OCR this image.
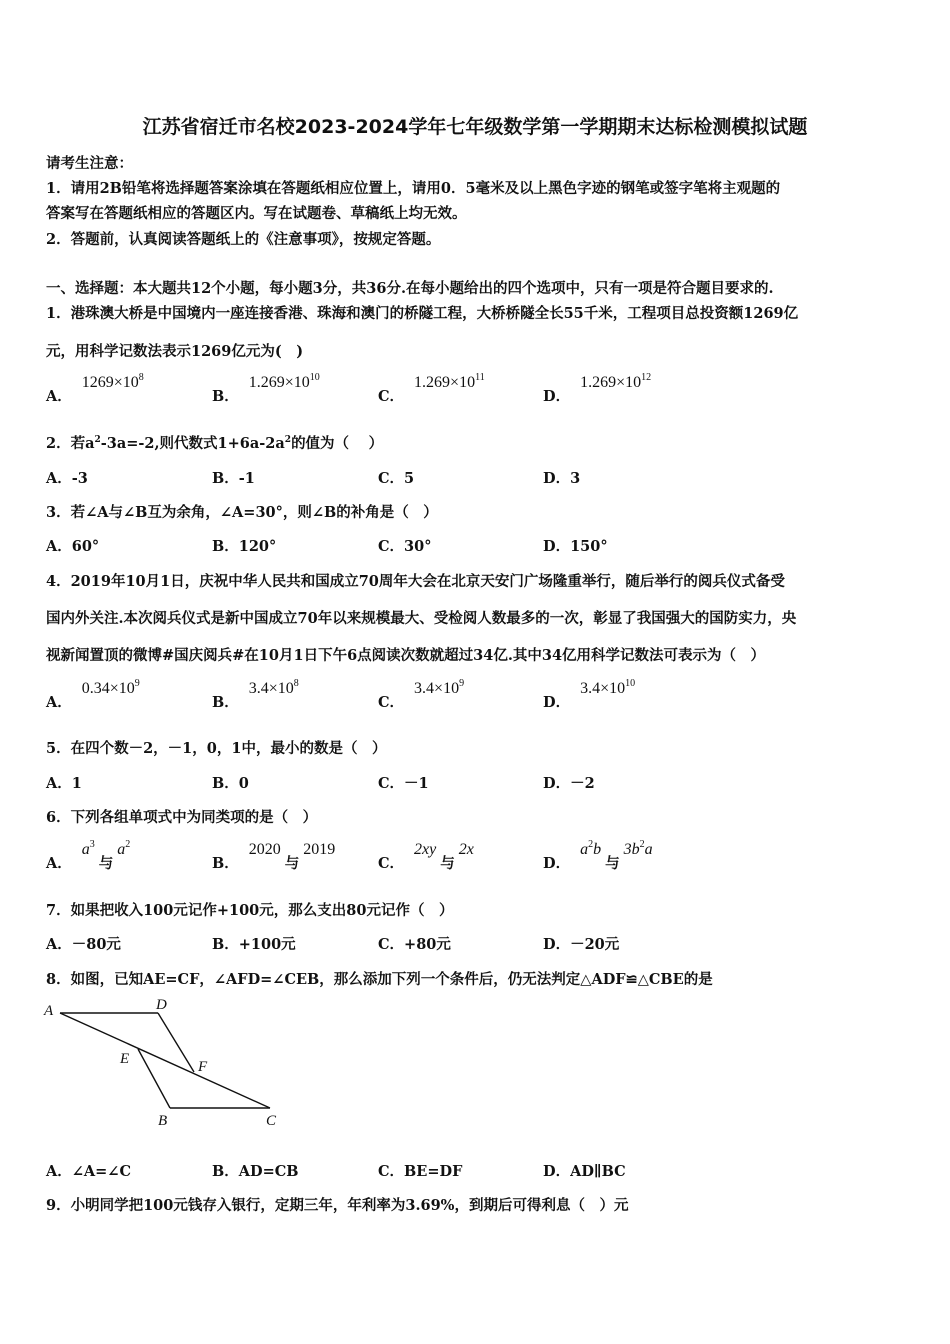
江苏省宿迁市名校2023-2024学年七年级数学第一学期期末达标检测模拟试题
请考生注意：
1．请用2B铅笔将选择题答案涂填在答题纸相应位置上，请用0．5毫米及以上黑色字迹的钢笔或签字笔将主观题的
答案写在答题纸相应的答题区内。写在试题卷、草稿纸上均无效。
2．答题前，认真阅读答题纸上的《注意事项》，按规定答题。
一、选择题：本大题共12个小题，每小题3分，共36分.在每小题给出的四个选项中，只有一项是符合题目要求的.
1．港珠澳大桥是中国境内一座连接香港、珠海和澳门的桥隧工程，大桥桥隧全长55千米，工程项目总投资额1269亿
元，用科学记数法表示1269亿元为(　)
A．$1269\times 10^8$
B．$1.269\times 10^{10}$
C．$1.269\times 10^{11}$
D．$1.269\times 10^{12}$
2．若$a^2-3a=-2$,则代数式$1+6a-2a^2$的值为（　 ）
A．-3	B．-1	C．5	D．3
3．若∠A与∠B互为余角，∠A=30°，则∠B的补角是（　）
A．60°	B．120°	C．30°	D．150°
4．2019年10月1日，庆祝中华人民共和国成立70周年大会在北京天安门广场隆重举行，随后举行的阅兵仪式备受
国内外关注.本次阅兵仪式是新中国成立70年以来规模最大、受检阅人数最多的一次，彰显了我国强大的国防实力，央
视新闻置顶的微博#国庆阅兵#在10月1日下午6点阅读次数就超过34亿.其中34亿用科学记数法可表示为（　）
A．$0.34\times 10^9$
B．$3.4\times 10^8$
C．$3.4\times 10^9$
D．$3.4\times 10^{10}$
5．在四个数－2，－1，0，1中，最小的数是（　）
A．1	B．0	C．－1	D．－2
6．下列各组单项式中为同类项的是（　）
A．$a^3$与$a^2$
B．2020与2019
C．2xy与2x
D．$a^2b$与$3b^2a$
7．如果把收入100元记作+100元，那么支出80元记作（　）
A．－80元	B．+100元	C．+80元	D．－20元
8．如图，已知AE=CF，∠AFD=∠CEB，那么添加下列一个条件后，仍无法判定△ADF≌△CBE的是
A	D
E	F
B	C
A．∠A=∠C	B．AD=CB	C．BE=DF	D．AD∥BC
9．小明同学把100元钱存入银行，定期三年，年利率为3.69%，到期后可得利息（　）元
